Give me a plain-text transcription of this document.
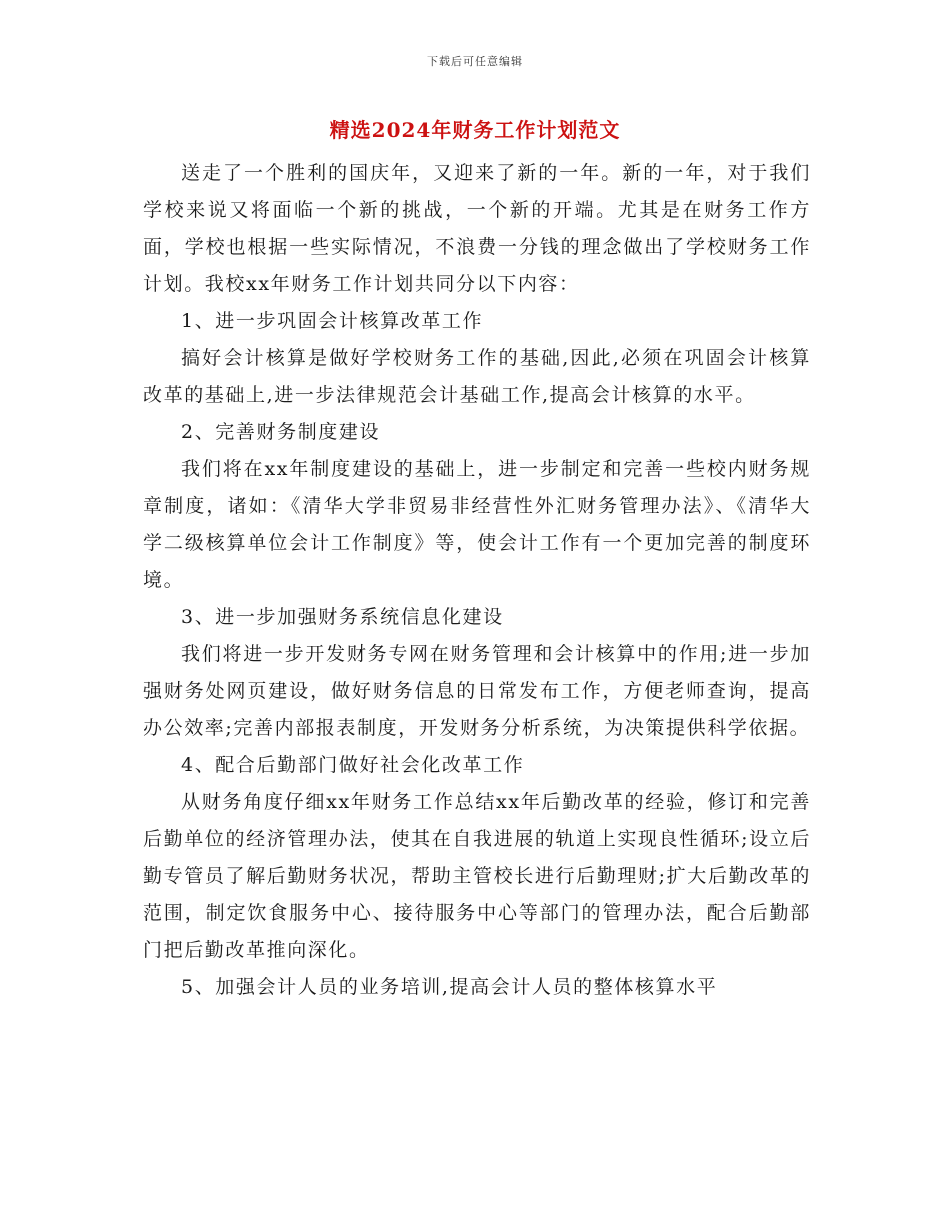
下载后可任意编辑
精选2024年财务工作计划范文

送走了一个胜利的国庆年，又迎来了新的一年。新的一年，对于我们学校来说又将面临一个新的挑战，一个新的开端。尤其是在财务工作方面，学校也根据一些实际情况，不浪费一分钱的理念做出了学校财务工作计划。我校xx年财务工作计划共同分以下内容：

1、进一步巩固会计核算改革工作

搞好会计核算是做好学校财务工作的基础,因此,必须在巩固会计核算改革的基础上,进一步法律规范会计基础工作,提高会计核算的水平。

2、完善财务制度建设

我们将在xx年制度建设的基础上，进一步制定和完善一些校内财务规章制度，诸如：《清华大学非贸易非经营性外汇财务管理办法》、《清华大学二级核算单位会计工作制度》等，使会计工作有一个更加完善的制度环境。

3、进一步加强财务系统信息化建设

我们将进一步开发财务专网在财务管理和会计核算中的作用;进一步加强财务处网页建设，做好财务信息的日常发布工作，方便老师查询，提高办公效率;完善内部报表制度，开发财务分析系统，为决策提供科学依据。

4、配合后勤部门做好社会化改革工作

从财务角度仔细xx年财务工作总结xx年后勤改革的经验，修订和完善后勤单位的经济管理办法，使其在自我进展的轨道上实现良性循环;设立后勤专管员了解后勤财务状况，帮助主管校长进行后勤理财;扩大后勤改革的范围，制定饮食服务中心、接待服务中心等部门的管理办法，配合后勤部门把后勤改革推向深化。

5、加强会计人员的业务培训,提高会计人员的整体核算水平
